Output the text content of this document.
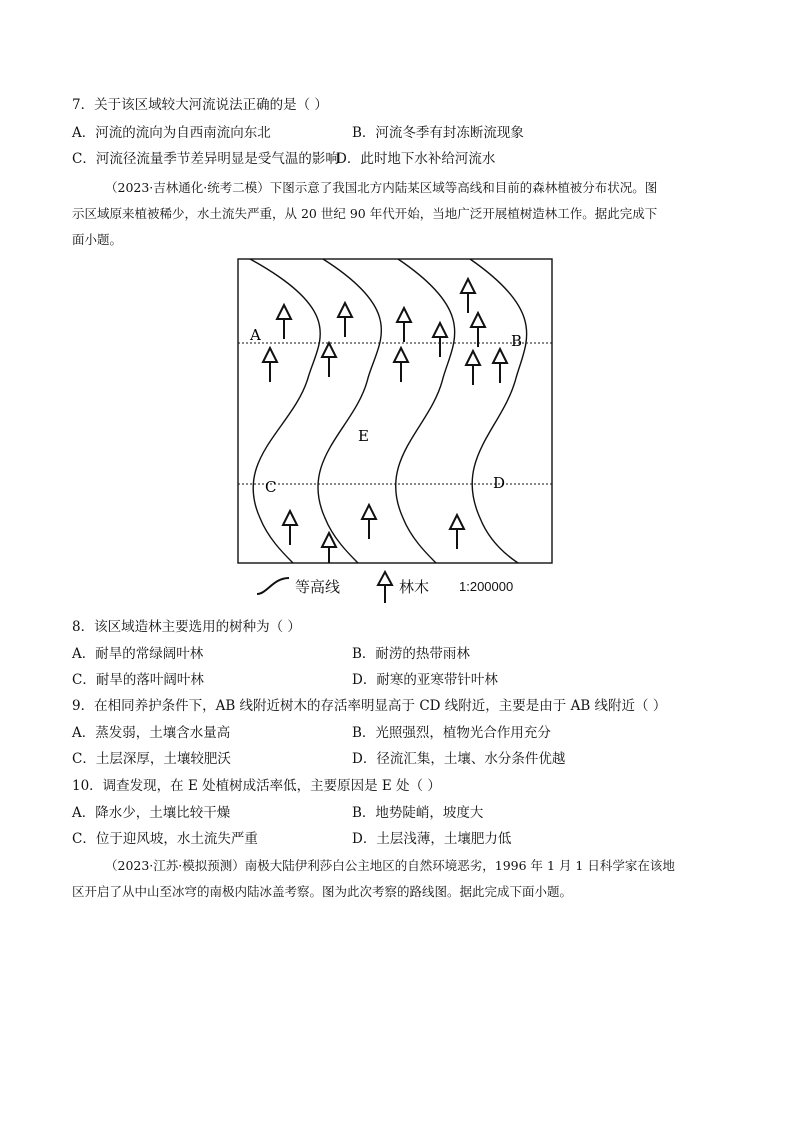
7．关于该区域较大河流说法正确的是（ ）
A．河流的流向为自西南流向东北	B．河流冬季有封冻断流现象
C．河流径流量季节差异明显是受气温的影响
D．此时地下水补给河流水
（2023·吉林通化·统考二模）下图示意了我国北方内陆某区域等高线和目前的森林植被分布状况。图
示区域原来植被稀少，水土流失严重，从 20 世纪 90 年代开始，当地广泛开展植树造林工作。据此完成下
面小题。
A	B
C	D
E
等高线	林木 1:200000
8．该区域造林主要选用的树种为（ ）
A．耐旱的常绿阔叶林	B．耐涝的热带雨林
C．耐旱的落叶阔叶林	D．耐寒的亚寒带针叶林
9．在相同养护条件下，AB 线附近树木的存活率明显高于 CD 线附近，主要是由于 AB 线附近（ ）
A．蒸发弱，土壤含水量高	B．光照强烈，植物光合作用充分
C．土层深厚，土壤较肥沃	D．径流汇集，土壤、水分条件优越
10．调查发现，在 E 处植树成活率低，主要原因是 E 处（ ）
A．降水少，土壤比较干燥	B．地势陡峭，坡度大
C．位于迎风坡，水土流失严重	D．土层浅薄，土壤肥力低
（2023·江苏·模拟预测）南极大陆伊利莎白公主地区的自然环境恶劣，1996 年 1 月 1 日科学家在该地
区开启了从中山至冰穹的南极内陆冰盖考察。图为此次考察的路线图。据此完成下面小题。
